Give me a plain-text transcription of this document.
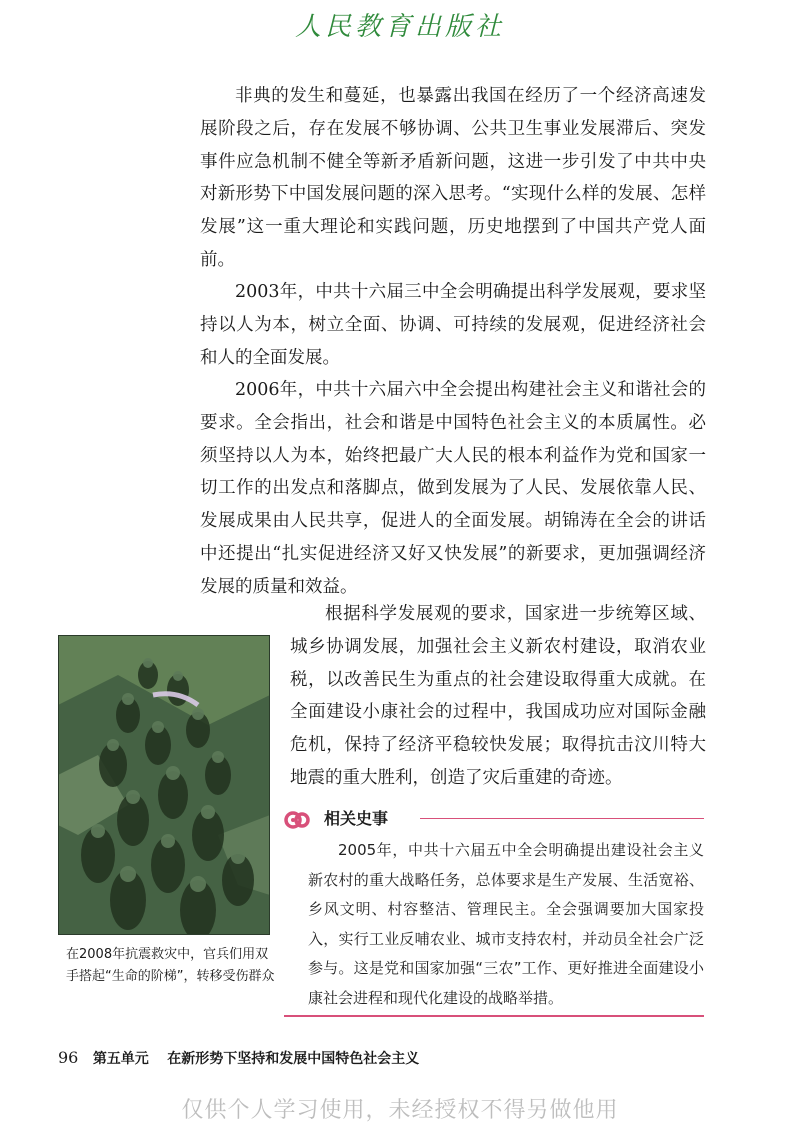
人民教育出版社

非典的发生和蔓延，也暴露出我国在经历了一个经济高速发展阶段之后，存在发展不够协调、公共卫生事业发展滞后、突发事件应急机制不健全等新矛盾新问题，这进一步引发了中共中央对新形势下中国发展问题的深入思考。“实现什么样的发展、怎样发展”这一重大理论和实践问题，历史地摆到了中国共产党人面前。

2003年，中共十六届三中全会明确提出科学发展观，要求坚持以人为本，树立全面、协调、可持续的发展观，促进经济社会和人的全面发展。

2006年，中共十六届六中全会提出构建社会主义和谐社会的要求。全会指出，社会和谐是中国特色社会主义的本质属性。必须坚持以人为本，始终把最广大人民的根本利益作为党和国家一切工作的出发点和落脚点，做到发展为了人民、发展依靠人民、发展成果由人民共享，促进人的全面发展。胡锦涛在全会的讲话中还提出“扎实促进经济又好又快发展”的新要求，更加强调经济发展的质量和效益。

根据科学发展观的要求，国家进一步统筹区域、城乡协调发展，加强社会主义新农村建设，取消农业税，以改善民生为重点的社会建设取得重大成就。在全面建设小康社会的过程中，我国成功应对国际金融危机，保持了经济平稳较快发展；取得抗击汶川特大地震的重大胜利，创造了灾后重建的奇迹。

在2008年抗震救灾中，官兵们用双手搭起“生命的阶梯”，转移受伤群众

相关史事

2005年，中共十六届五中全会明确提出建设社会主义新农村的重大战略任务，总体要求是生产发展、生活宽裕、乡风文明、村容整洁、管理民主。全会强调要加大国家投入，实行工业反哺农业、城市支持农村，并动员全社会广泛参与。这是党和国家加强“三农”工作、更好推进全面建设小康社会进程和现代化建设的战略举措。

96 第五单元 在新形势下坚持和发展中国特色社会主义
仅供个人学习使用，未经授权不得另做他用
